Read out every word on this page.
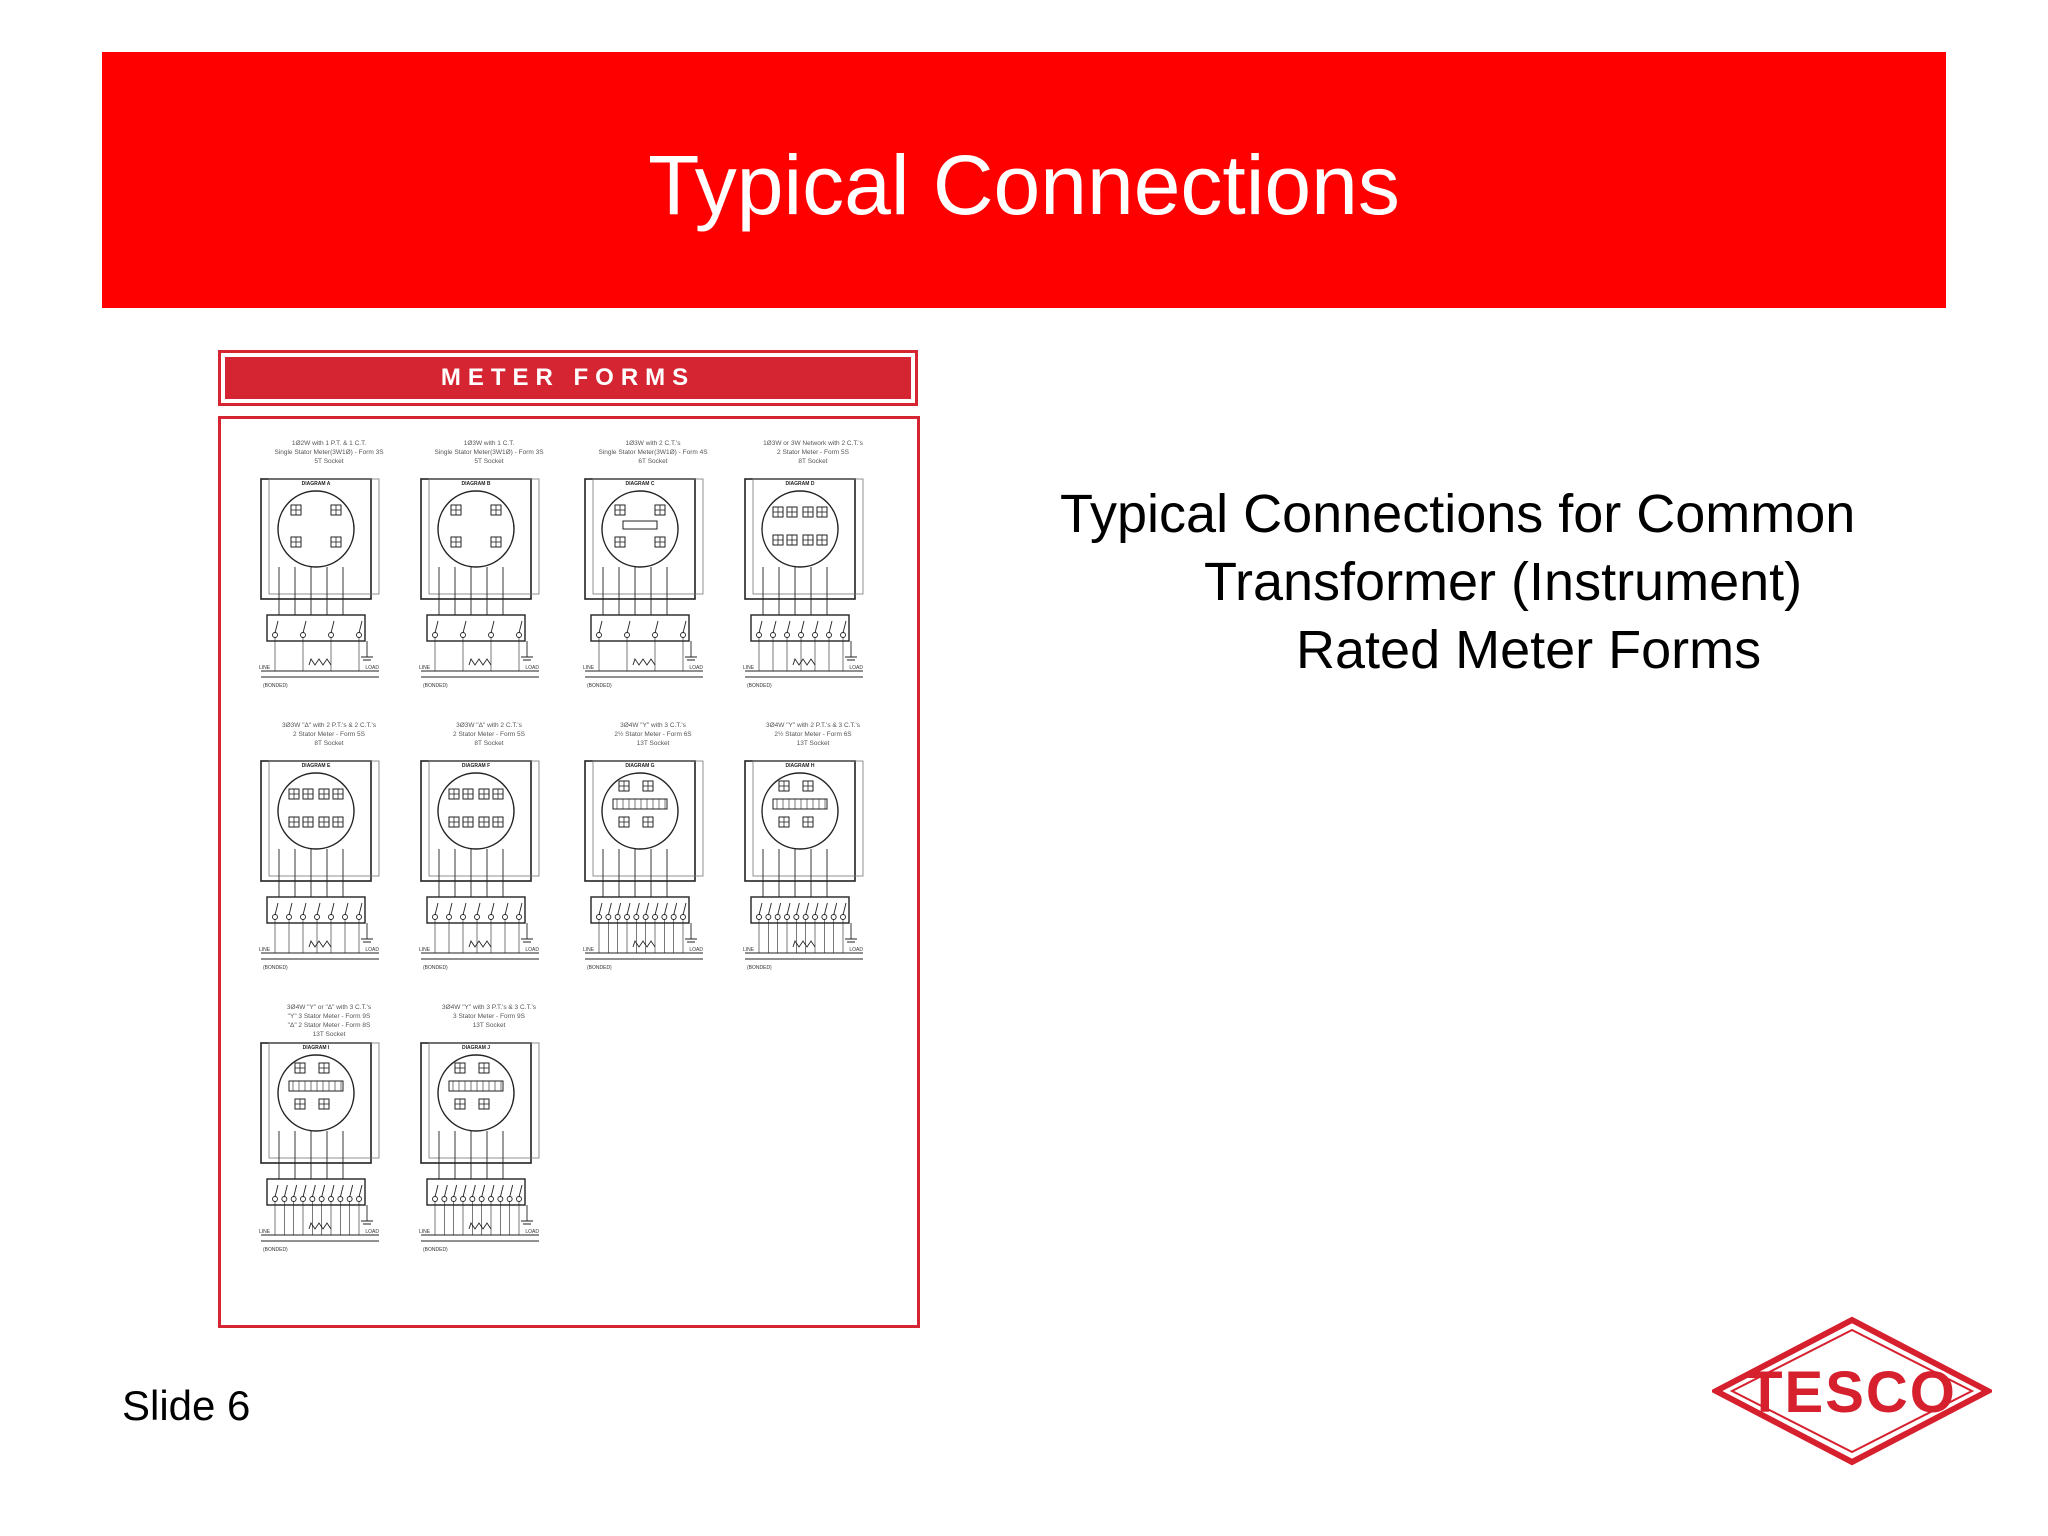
Typical Connections
METER FORMS
1Ø2W with 1 P.T. & 1 C.T.
Single Stator Meter(3W1Ø) - Form 3S
5T Socket
DIAGRAM A
LINE	LOAD
(BONDED)
1Ø3W with 1 C.T.
Single Stator Meter(3W1Ø) - Form 3S
5T Socket
DIAGRAM B
LINE	LOAD
(BONDED)
1Ø3W with 2 C.T.'s
Single Stator Meter(3W1Ø) - Form 4S
6T Socket
DIAGRAM C
LINE	LOAD
(BONDED)
1Ø3W or 3W Network with 2 C.T.'s
2 Stator Meter - Form 5S
8T Socket
DIAGRAM D
LINE	LOAD
(BONDED)
3Ø3W "Δ" with 2 P.T.'s & 2 C.T.'s
2 Stator Meter - Form 5S
8T Socket
DIAGRAM E
LINE	LOAD
(BONDED)
3Ø3W "Δ" with 2 C.T.'s
2 Stator Meter - Form 5S
8T Socket
DIAGRAM F
LINE	LOAD
(BONDED)
3Ø4W "Y" with 3 C.T.'s
2½ Stator Meter - Form 6S
13T Socket
DIAGRAM G
LINE	LOAD
(BONDED)
3Ø4W "Y" with 2 P.T.'s & 3 C.T.'s
2½ Stator Meter - Form 6S
13T Socket
DIAGRAM H
LINE	LOAD
(BONDED)
3Ø4W "Y" or "Δ" with 3 C.T.'s
"Y" 3 Stator Meter - Form 9S
"Δ" 2 Stator Meter - Form 8S
13T Socket
DIAGRAM I
LINE	LOAD
(BONDED)
3Ø4W "Y" with 3 P.T.'s & 3 C.T.'s
3 Stator Meter - Form 9S
13T Socket
DIAGRAM J
LINE	LOAD
(BONDED)
Typical Connections for Common
Transformer (Instrument)
Rated Meter Forms
Slide 6	TESCO
